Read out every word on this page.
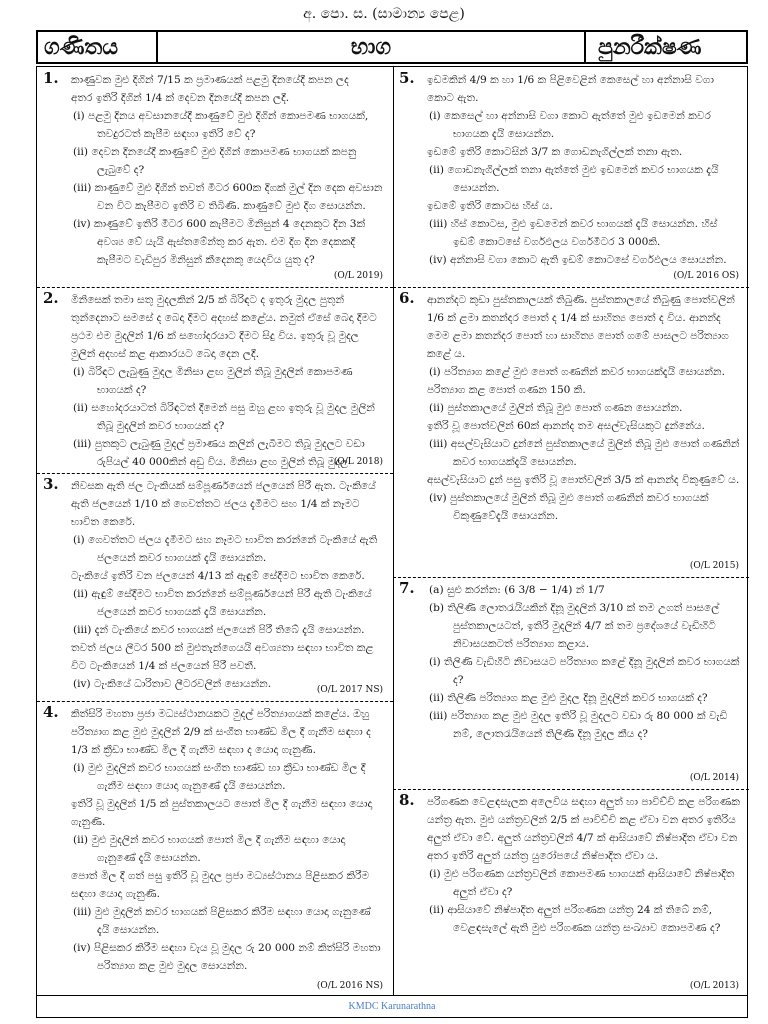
අ. පො. ස. (සාමාන්‍ය පෙළ)
ගණිතය	භාග	පුනරීක්ෂණ
1. කාණුවක මුළු දිගින් 7/15 ක ප්‍රමාණයක් පළමු දිනයේදී කපන ලද
අතර ඉතිරි දිගින් 1/4 ක් දෙවන දිනයේදී කපන ලදී.
(i) පළමු දිනය අවසානයේදී කාණුවේ මුළු දිගින් කොපමණ භාගයක්, තවදුරටත් කැපීම සඳහා ඉතිරි වේ ද?
(ii) දෙවන දිනයේදී කාණුවේ මුළු දිගින් කොපමණ භාගයක් කපනු ලැබුවේ ද?
(iii) කාණුවේ මුළු දිගින් තවත් මීටර 600ක දිගක් මුල් දින දෙක අවසාන වන විට කැපීමට ඉතිරි ව තිබිණි. කාණුවේ මුළු දිග සොයන්න.
(iv) කාණුවේ ඉතිරි මීටර 600 කැපීමට මිනිසුන් 4 දෙනකුට දින 3ක් අවශ්‍ය වේ යැයි ඇස්තමේන්තු කර ඇත. එම දිග දින දෙකකදී කැපීමට වැඩිපුර මිනිසුන් කීදෙනකු යෙදවිය යුතු ද?
(O/L 2019)
2. මිනිසෙක් තම‍ා සතු මුදලකින් 2/5 ක් බිරිඳට ද ඉතුරු මුදල පුතුන් තුන්දෙනාට සමසේ ද බෙදා දීමට අදහස් කළේය. නමුත් ඒසේ බෙදා දීමට ප්‍රථම එම මුදලින් 1/6 ක් සහෝදරයාට දීමට සිදු විය. ඉතුරු වූ මුදල මුලින් අදහස් කළ ආකාරයට බෙදා දෙන ලදී.
(i) බිරිඳට ලැබුණු මුදල මිනිසා ළඟ මුලින් තිබූ මුදලින් කොපමණ භාගයක් ද?
(ii) සහෝදරයාටත් බිරිඳටත් දීමෙන් පසු ඔහු ළඟ ඉතුරු වූ මුදල මුලින් තිබූ මුදලින් කවර භාගයක් ද?
(iii) පුතකුට ලැබුණු මුදල් ප්‍රමාණය කලින් ලැබීමට තිබූ මුදලට වඩා රුපියල් 40 000කින් අඩු විය. මිනිසා ළඟ මුලින් තිබූ මුදල
(O/L 2018)
3. නිවසක ඇති ජල ටැංකියක් සම්පූර්ණයෙන් ජලයෙන් පිරී ඇත. ටැංකියේ ඇති ජලයෙන් 1/10 ක් ගෙවත්තට ජලය දැමීමට සහ 1/4 ක් නෑමට භාවිත කෙරේ.
(i) ගෙවත්තට ජලය දැමීමට සහ නෑමට භාවිත කරන්නේ ටැංකියේ ඇති ජලයෙන් කවර භාගයක් දැයි සොයන්න.
ටැංකියේ ඉතිරි වන ජලයෙන් 4/13 ක් ඇඳුම් සේදීමට භාවිත කෙරේ.
(ii) ඇඳුම් සේදීමට භාවිත කරන්නේ සම්පූර්ණයෙන් පිරී ඇති ටැංකියේ ජලයෙන් කවර භාගයක් දැයි සොයන්න.
(iii) දැන් ටැංකියේ කවර භාගයක් ජලයෙන් පිරී තිබේ දැයි සොයන්න.
තවත් ජලය ලීටර 500 ක් මුළුතැන්ගෙයයි අවශ්‍යතා සඳහා භාවිත කළ විට ටැංකියෙන් 1/4 ක් ජලයෙන් පිරී පවතී.
(iv) ටැංකියේ ධාරිතාව ලීටරවලින් සොයන්න.	(O/L 2017 NS)
4. කිත්සිරි මහතා ප්‍රජා මධ්‍යස්ථානයකට මුදල් පරිත්‍යාගයක් කළේය. ඔහු පරිත්‍යාග කළ මුළු මුදලින් 2/9 ක් සංගීත භාණ්ඩ මිල දී ගැනීම සඳහා ද 1/3 ක් ක්‍රීඩා භාණ්ඩ මිල දී ගැනීම සඳහා ද යොදා ගැනුණි.
(i) මුළු මුදලින් කවර භාගයක් සංගීත භාණ්ඩ හා ක්‍රීඩා භාණ්ඩ මිල දී ගැනීම සඳහා යොදා ගැනුණේ දැයි සොයන්න.
ඉතිරි වූ මුදලින් 1/5 ක් පුස්තකාලයට පොත් මිල දී ගැනීම සඳහා යොදා ගැනුණි.
(ii) මුළු මුදලින් කවර භාගයක් පොත් මිල දී ගැනීම සඳහා යොදා ගැනුණේ දැයි සොයන්න.
පොත් මිල දී ගත් පසු ඉතිරි වූ මුදල ප්‍රජා මධ්‍යස්ථානය පිළිසකර කිරීම සඳහා යොදා ගැනුණි.
(iii) මුළු මුදලින් කවර භාගයක් පිළිසකර කිරීම සඳහා යොදා ගැනුණේ දැයි සොයන්න.
(iv) පිළිසකර කිරීම සඳහා වැය වූ මුදල රු 20 000 නම් කිත්සිරි මහතා පරිත්‍යාග කළ මුළු මුදල සොයන්න.
(O/L 2016 NS)
5. ඉඩමකින් 4/9 ක හා 1/6 ක පිළිවෙළින් කෙසෙල් හා අන්නාසි වගා කොට ඇත.
(i) කෙසෙල් හා අන්නාසි වගා කොට ඇත්තේ මුළු ඉඩමෙන් කවර භාගයක දැයි සොයන්න.
ඉඩමේ ඉතිරි කොටසින් 3/7 ක ගොඩනැගිල්ලක් තනා ඇත.
(ii) ගොඩනැගිල්ලක් තනා ඇත්තේ මුළු ඉඩමෙන් කවර භාගයක දැයි සොයන්න.
ඉඩමේ ඉතිරි කොටස හිස් ය.
(iii) හිස් කොටස, මුළු ඉඩමෙන් කවර භාගයක් දැයි සොයන්න. හිස් ඉඩම් කොටසේ වර්ගඵලය වර්ගමීටර 3 000කි.
(iv) අන්නාසි වගා කොට ඇති ඉඩම් කොටසේ වර්ගඵලය සොයන්න.
(O/L 2016 OS)
6. ආනන්දට කුඩා පුස්තකාලයක් තිබුණි. පුස්තකාලයේ තිබුණු පොත්වලින් 1/6 ක් ළමා කතන්දර පොත් ද 1/4 ක් සාහිත්‍ය පොත් ද විය. ආනන්ද මෙම ළමා කතන්දර පොත් හා සාහිත්‍ය පොත් ගමේ පාසලට පරිත්‍යාග කළේ ය.
(i) පරිත්‍යාග කළේ මුළු පොත් ගණනින් කවර භාගයක්දැයි සොයන්න.
පරිත්‍යාග කළ පොත් ගණන 150 කි.
(ii) පුස්තකාලයේ මුලින් තිබූ මුළු පොත් ගණන සොයන්න.
ඉතිරි වූ පොත්වලින් 60ක් ආනන්ද තම අසල්වැසියකුට දුන්නේය.
(iii) අසල්වැසියාට දුන්නේ පුස්තකාලයේ මුලින් තිබූ මුළු පොත් ගණනින් කවර භාගයක්දැයි සොයන්න.
අසල්වැසියාට දුන් පසු ඉතිරි වූ පොත්වලින් 3/5 ක් ආනන්ද විකුණුවේ ය.
(iv) පුස්තකාලයේ මුලින් තිබූ මුළු පොත් ගණනින් කවර භාගයක් විකුණුවේදැයි සොයන්න.
(O/L 2015)
7. (a) සුළු කරන්න: (6 3/8 − 1/4) න් 1/7
(b) තිලිණි ලොතරැයියකින් දිනූ මුදලින් 3/10 ක් තම උගත් පාසලේ පුස්තකාලයටත්, ඉතිරි මුදලින් 4/7 ක් තම ප්‍රදේශයේ වැඩිහිටි නිවාසයකටත් පරිත්‍යාග කළාය.
(i) තිලිණි වැඩිහිටි නිවාසයට පරිත්‍යාග කළේ දිනූ මුදලින් කවර භාගයක් ද?
(ii) තිලිණි පරිත්‍යාග කළ මුළු මුදල දිනූ මුදලින් කවර භාගයක් ද?
(iii) පරිත්‍යාග කළ මුළු මුදල ඉතිරි වූ මුදලට වඩා රු 80 000 ක් වැඩි නම්, ලොතරැයියෙන් තිලිණි දිනූ මුදල කීය ද?
(O/L 2014)
8. පරිගණක වෙළඳසැලක අලෙවිය සඳහා අලුත් හා පාවිච්චි කළ පරිගණක යන්ත්‍ර ඇත. මුළු යන්ත්‍රවලින් 2/5 ක් පාවිච්චි කළ ඒවා වන අතර ඉතිරිය අලුත් ඒවා වේ. අලුත් යන්ත්‍රවලින් 4/7 ක් ආසියාවේ නිෂ්පාදිත ඒවා වන අතර ඉතිරි අලුත් යන්ත්‍ර යුරෝපයේ නිෂ්පාදිත ඒවා ය.
(i) මුළු පරිගණක යන්ත්‍රවලින් කොපමණ භාගයක් ආසියාවේ නිෂ්පාදිත අලුත් ඒවා ද?
(ii) ආසියාවේ නිෂ්පාදිත අලුත් පරිගණක යන්ත්‍ර 24 ක් තිබේ නම්, වෙළඳසැලේ ඇති මුළු පරිගණක යන්ත්‍ර සංඛ්‍යාව කොපමණ ද?
(O/L 2013)
KMDC Karunarathna
